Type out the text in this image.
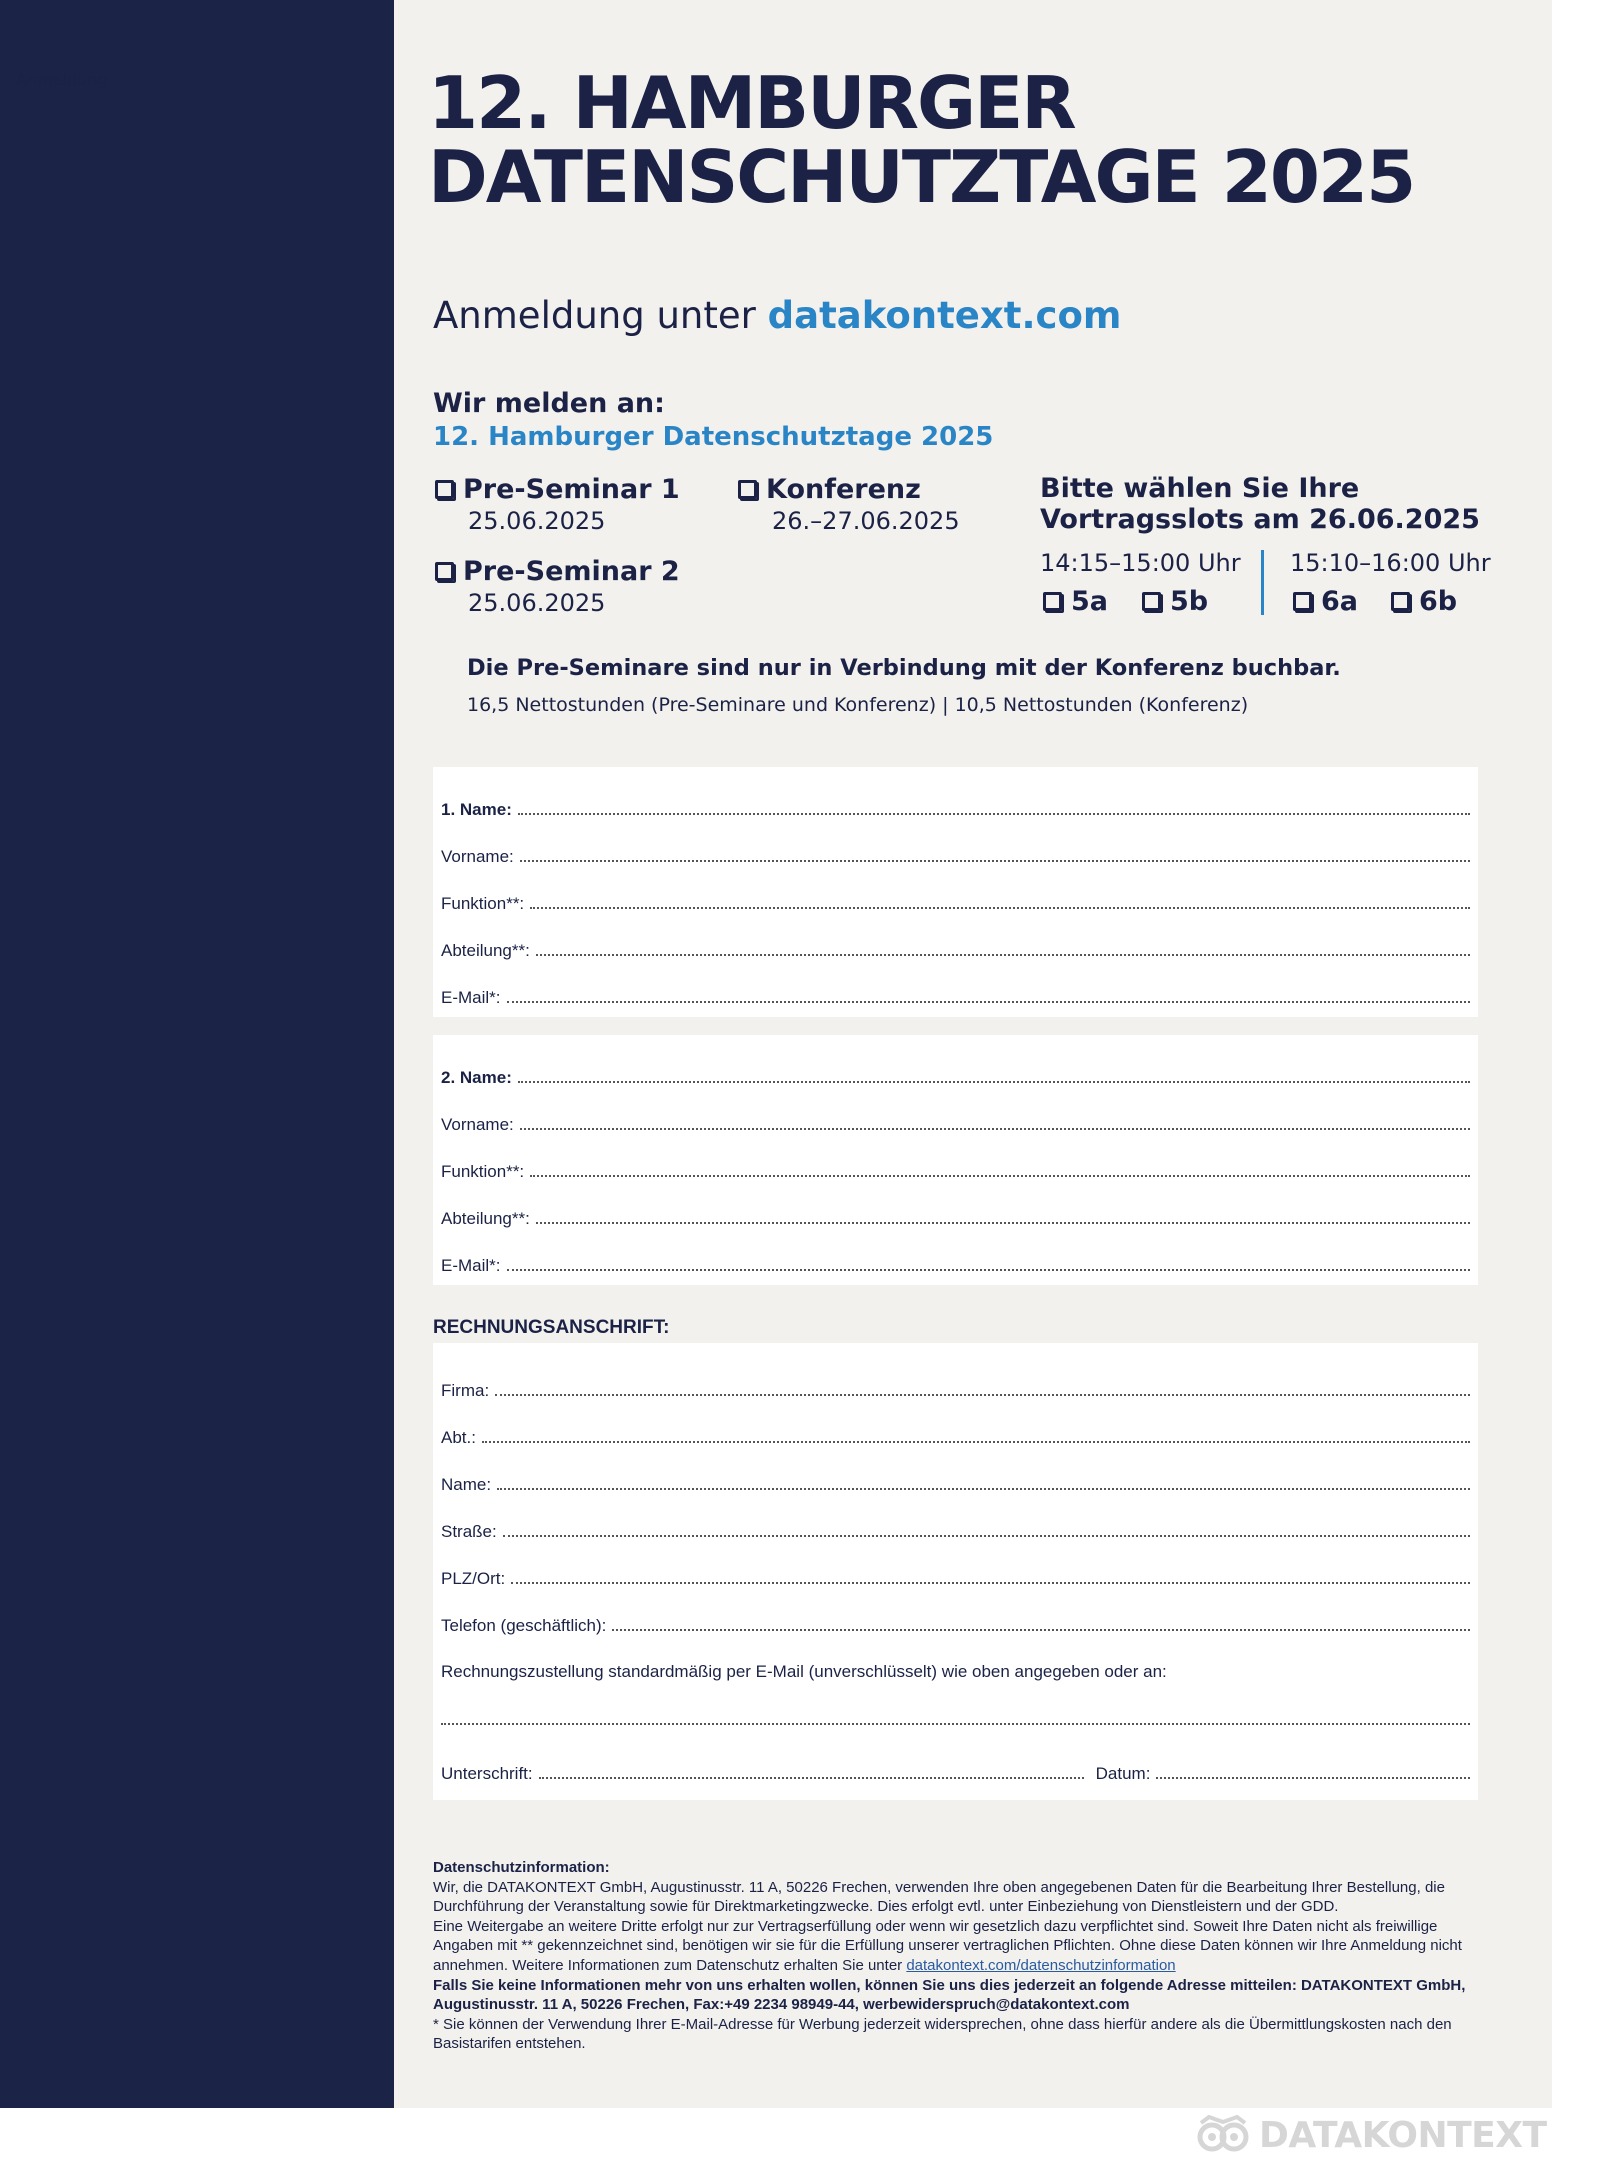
Anmeldung	12. HAMBURGER
DATENSCHUTZTAGE 2025
Anmeldung unter datakontext.com
Wir melden an:
12. Hamburger Datenschutztage 2025
Pre-Seminar 1
25.06.2025
Pre-Seminar 2
25.06.2025
Konferenz
26.–27.06.2025
Bitte wählen Sie Ihre Vortragsslots am 26.06.2025
14:15–15:00 Uhr 15:10–16:00 Uhr
5a	5b	6a	6b
Die Pre-Seminare sind nur in Verbindung mit der Konferenz buchbar.
16,5 Nettostunden (Pre-Seminare und Konferenz) | 10,5 Nettostunden (Konferenz)
1. Name:
Vorname:
Funktion**:
Abteilung**:
E-Mail*:
2. Name:
Vorname:
Funktion**:
Abteilung**:
E-Mail*:
RECHNUNGSANSCHRIFT:
Firma:
Abt.:
Name:
Straße:
PLZ/Ort:
Telefon (geschäftlich):
Rechnungszustellung standardmäßig per E-Mail (unverschlüsselt) wie oben angegeben oder an:
Unterschrift:	Datum:

Datenschutzinformation:

Wir, die DATAKONTEXT GmbH, Augustinusstr. 11 A, 50226 Frechen, verwenden Ihre oben angegebenen Daten für die Bearbeitung Ihrer Bestellung, die Durchführung der Veranstaltung sowie für Direktmarketingzwecke. Dies erfolgt evtl. unter Einbeziehung von Dienstleistern und der GDD.

Eine Weitergabe an weitere Dritte erfolgt nur zur Vertragserfüllung oder wenn wir gesetzlich dazu verpflichtet sind. Soweit Ihre Daten nicht als freiwillige Angaben mit ** gekennzeichnet sind, benötigen wir sie für die Erfüllung unserer vertraglichen Pflichten. Ohne diese Daten können wir Ihre Anmeldung nicht annehmen. Weitere Informationen zum Datenschutz erhalten Sie unter datakontext.com/datenschutzinformation

Falls Sie keine Informationen mehr von uns erhalten wollen, können Sie uns dies jederzeit an folgende Adresse mitteilen: DATAKONTEXT GmbH, Augustinusstr. 11 A, 50226 Frechen, Fax:+49 2234 98949-44, werbewiderspruch@datakontext.com

* Sie können der Verwendung Ihrer E-Mail-Adresse für Werbung jederzeit widersprechen, ohne dass hierfür andere als die Übermittlungskosten nach den Basistarifen entstehen.

DATAKONTEXT
